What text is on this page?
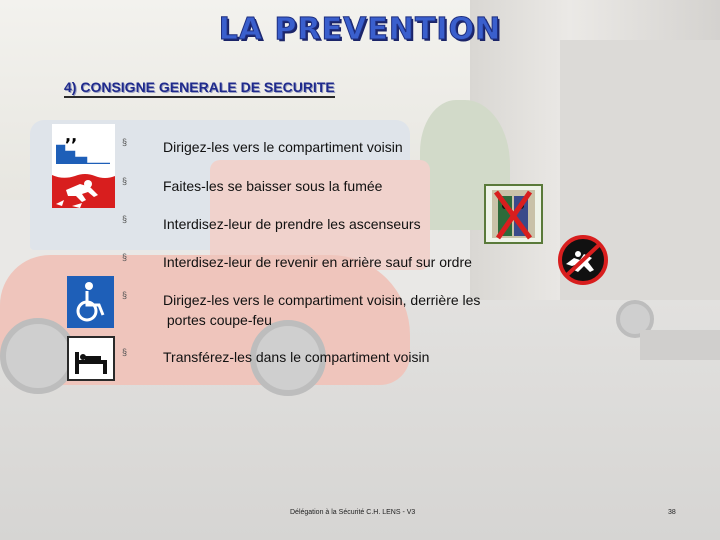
LA PREVENTION
4) CONSIGNE GENERALE DE SECURITE
,,	§	Dirigez-les vers le compartiment voisin
§	Faites-les se baisser sous la fumée
§	Interdisez-leur de prendre les ascenseurs
§	Interdisez-leur de revenir en arrière sauf sur ordre
§	Dirigez-les vers le compartiment voisin, derrière les
portes coupe-feu
§	Transférez-les dans le compartiment voisin
Délégation à la Sécurité C.H. LENS - V3	38
